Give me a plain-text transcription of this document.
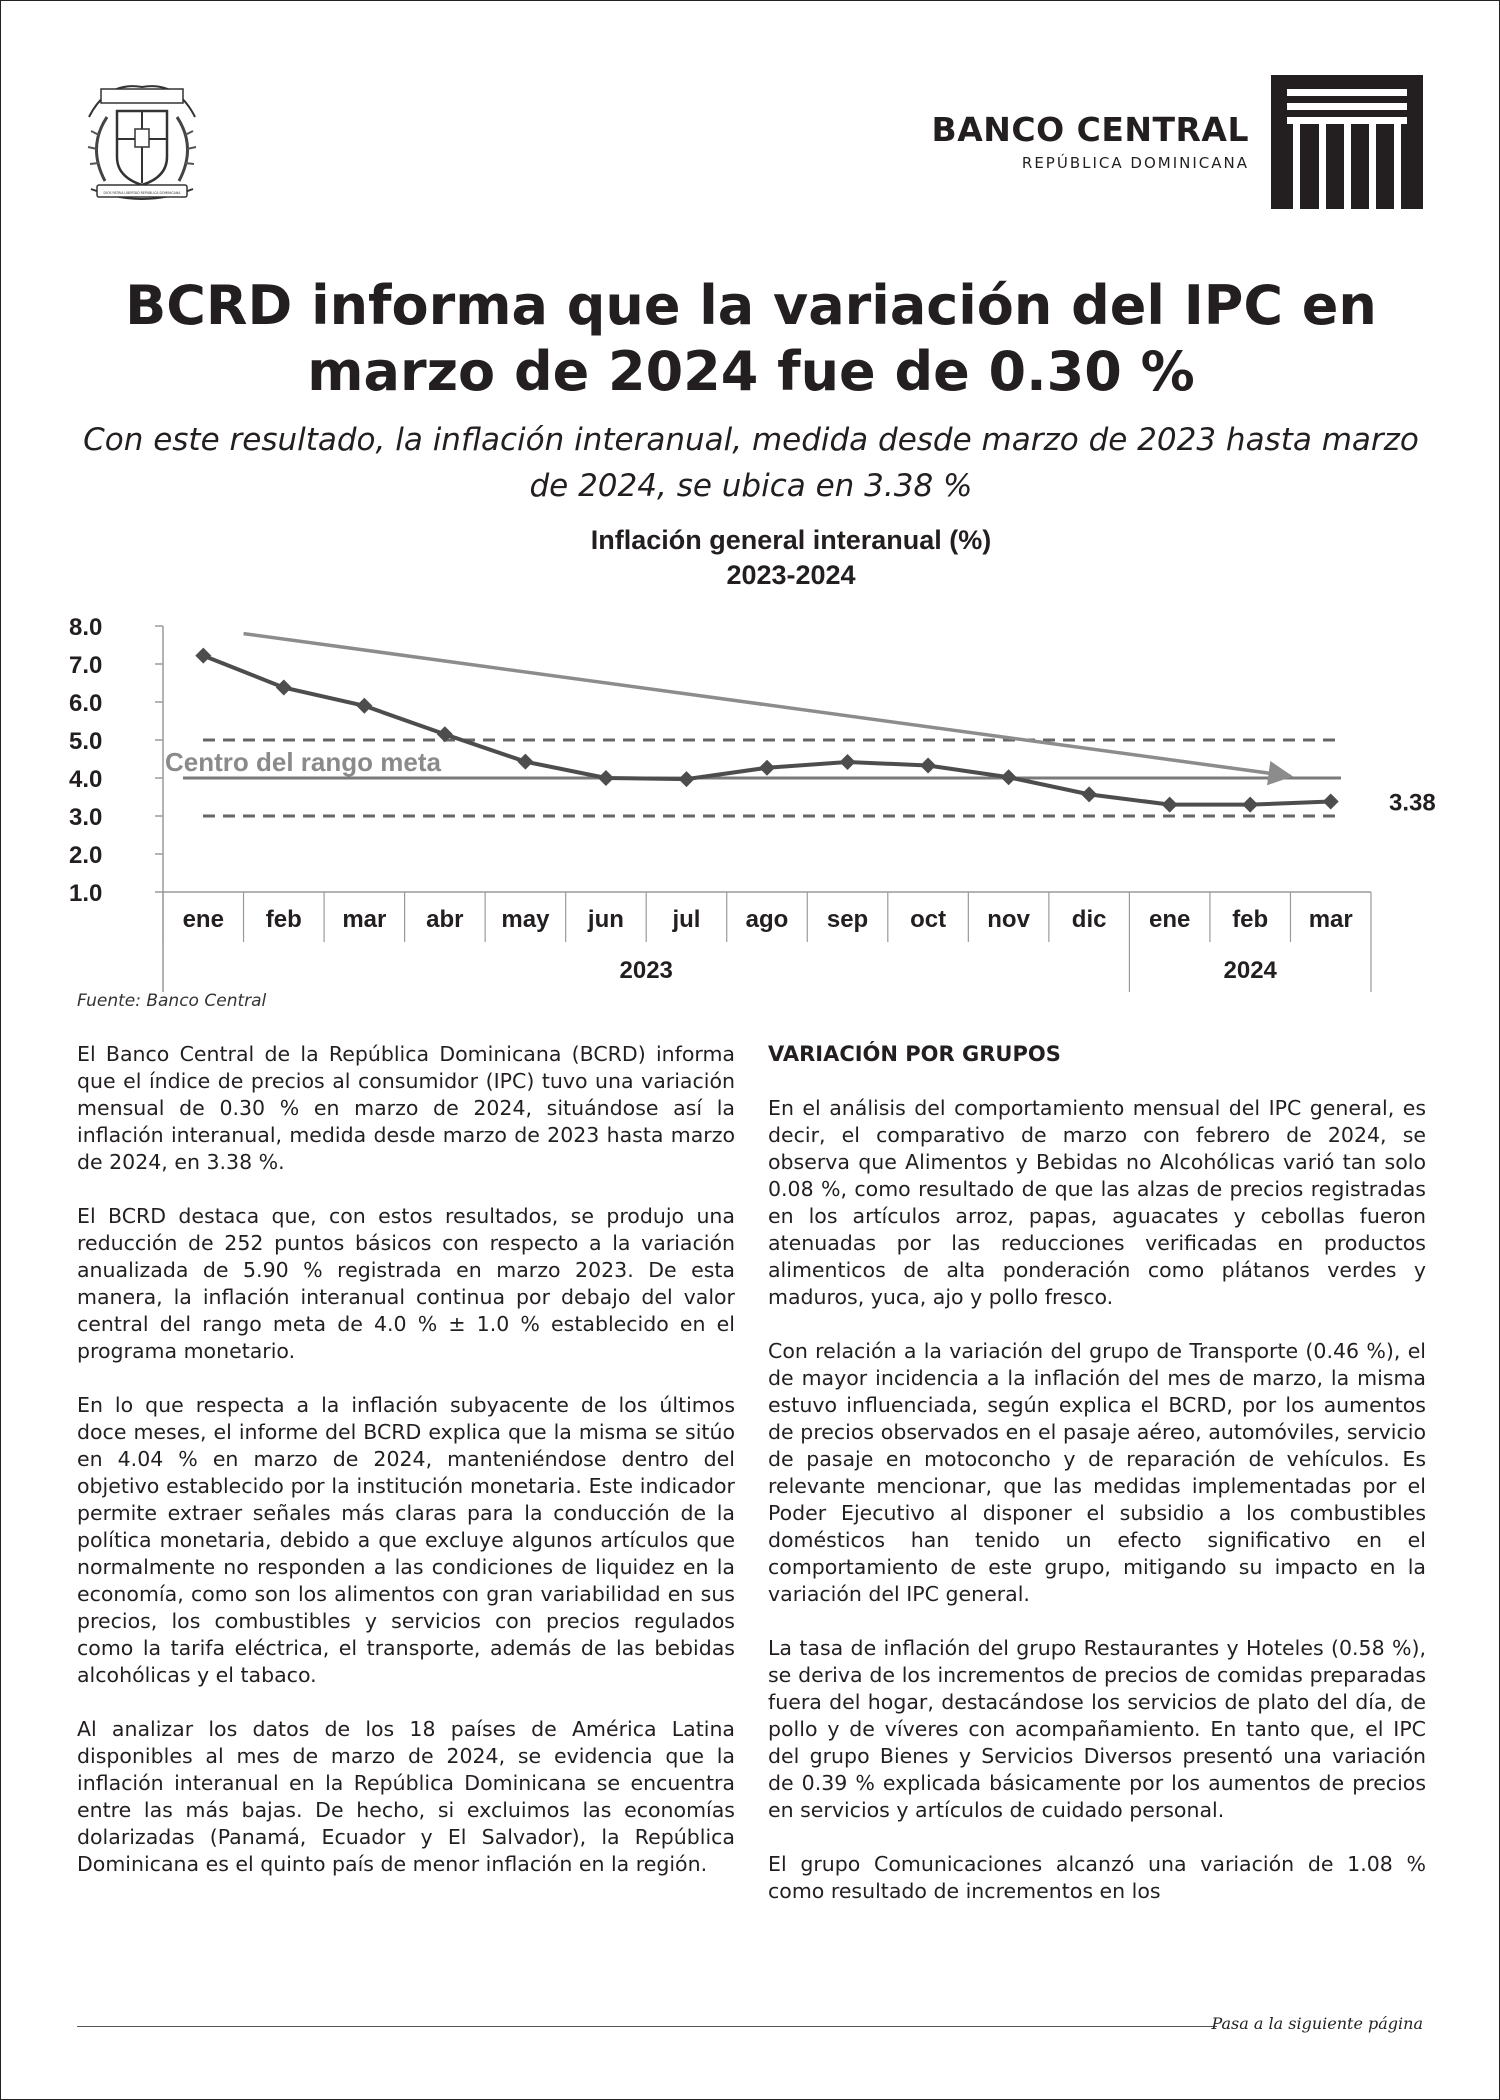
DIOS PATRIA LIBERTAD REPÚBLICA DOMINICANA
BANCO CENTRAL
REPÚBLICA DOMINICANA
BCRD informa que la variación del IPC en marzo de 2024 fue de 0.30 %
Con este resultado, la inflación interanual, medida desde marzo de 2023 hasta marzo de 2024, se ubica en 3.38 %
Inflación general interanual (%)
2023-2024
8.0
7.0
6.0
5.0
4.0
3.0
2.0
1.0
ene feb mar abr may jun jul ago sep oct nov dic ene feb mar
2023	2024
Centro del rango meta
3.38
Fuente: Banco Central

El Banco Central de la República Dominicana (BCRD) informa que el índice de precios al consumidor (IPC) tuvo una variación mensual de 0.30 % en marzo de 2024, situándose así la inflación interanual, medida desde marzo de 2023 hasta marzo de 2024, en 3.38 %.

El BCRD destaca que, con estos resultados, se produjo una reducción de 252 puntos básicos con respecto a la variación anualizada de 5.90 % registrada en marzo 2023. De esta manera, la inflación interanual continua por debajo del valor central del rango meta de 4.0 % ± 1.0 % establecido en el programa monetario.

En lo que respecta a la inflación subyacente de los últimos doce meses, el informe del BCRD explica que la misma se sitúo en 4.04 % en marzo de 2024, manteniéndose dentro del objetivo establecido por la institución monetaria. Este indicador permite extraer señales más claras para la conducción de la política monetaria, debido a que excluye algunos artículos que normalmente no responden a las condiciones de liquidez en la economía, como son los alimentos con gran variabilidad en sus precios, los combustibles y servicios con precios regulados como la tarifa eléctrica, el transporte, además de las bebidas alcohólicas y el tabaco.

Al analizar los datos de los 18 países de América Latina disponibles al mes de marzo de 2024, se evidencia que la inflación interanual en la República Dominicana se encuentra entre las más bajas. De hecho, si excluimos las economías dolarizadas (Panamá, Ecuador y El Salvador), la República Dominicana es el quinto país de menor inflación en la región.

VARIACIÓN POR GRUPOS

En el análisis del comportamiento mensual del IPC general, es decir, el comparativo de marzo con febrero de 2024, se observa que Alimentos y Bebidas no Alcohólicas varió tan solo 0.08 %, como resultado de que las alzas de precios registradas en los artículos arroz, papas, aguacates y cebollas fueron atenuadas por las reducciones verificadas en productos alimenticos de alta ponderación como plátanos verdes y maduros, yuca, ajo y pollo fresco.

Con relación a la variación del grupo de Transporte (0.46 %), el de mayor incidencia a la inflación del mes de marzo, la misma estuvo influenciada, según explica el BCRD, por los aumentos de precios observados en el pasaje aéreo, automóviles, servicio de pasaje en motoconcho y de reparación de vehículos. Es relevante mencionar, que las medidas implementadas por el Poder Ejecutivo al disponer el subsidio a los combustibles domésticos han tenido un efecto significativo en el comportamiento de este grupo, mitigando su impacto en la variación del IPC general.

La tasa de inflación del grupo Restaurantes y Hoteles (0.58 %), se deriva de los incrementos de precios de comidas preparadas fuera del hogar, destacándose los servicios de plato del día, de pollo y de víveres con acompañamiento. En tanto que, el IPC del grupo Bienes y Servicios Diversos presentó una variación de 0.39 % explicada básicamente por los aumentos de precios en servicios y artículos de cuidado personal.

El grupo Comunicaciones alcanzó una variación de 1.08 % como resultado de incrementos en los

Pasa a la siguiente página
